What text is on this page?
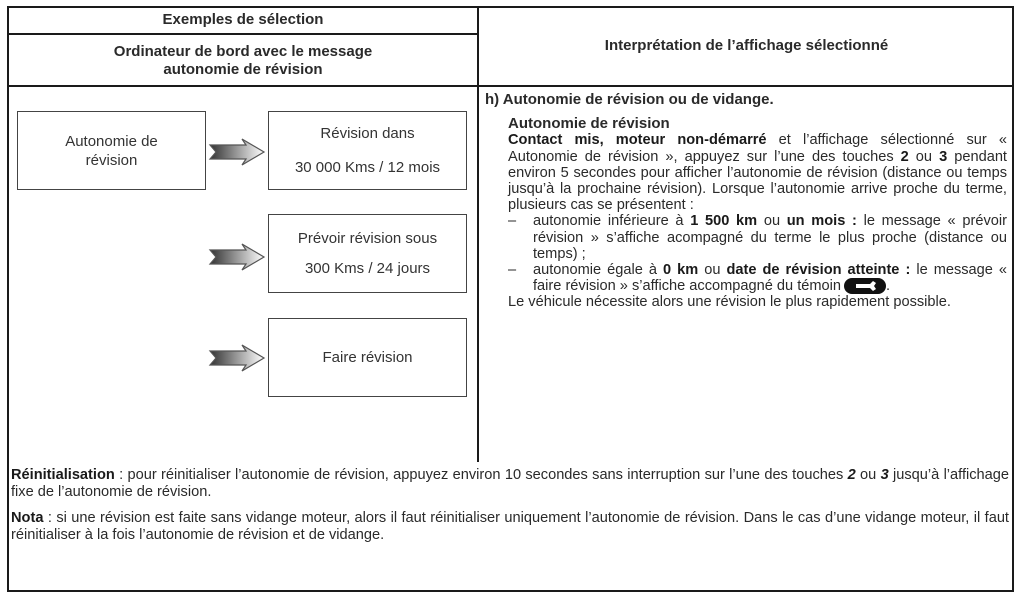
Exemples de sélection
Ordinateur de bord avec le message
autonomie de révision
Interprétation de l’affichage sélectionné
Autonomie de
révision
Révision dans
30 000 Kms / 12 mois
Prévoir révision sous
300 Kms / 24 jours
Faire révision

h) Autonomie de révision ou de vidange.

Autonomie de révision

Contact mis, moteur non-démarré et l’affichage sélectionné sur « Autonomie de révision », appuyez sur l’une des touches 2 ou 3 pendant environ 5 secondes pour afficher l’autonomie de révision (distance ou temps jusqu’à la prochaine révision). Lorsque l’autonomie arrive proche du terme, plusieurs cas se présentent :

– autonomie inférieure à 1 500 km ou un mois : le message « prévoir révision » s’affiche acompagné du terme le plus proche (distance ou temps) ;

– autonomie égale à 0 km ou date de révision atteinte : le message « faire révision » s’affiche accompagné du témoin	.

Le véhicule nécessite alors une révision le plus rapidement possible.

Réinitialisation : pour réinitialiser l’autonomie de révision, appuyez environ 10 secondes sans interruption sur l’une des touches 2 ou 3 jusqu’à l’affichage fixe de l’autonomie de révision.

Nota : si une révision est faite sans vidange moteur, alors il faut réinitialiser uniquement l’autonomie de révision. Dans le cas d’une vidange moteur, il faut réinitialiser à la fois l’autonomie de révision et de vidange.
